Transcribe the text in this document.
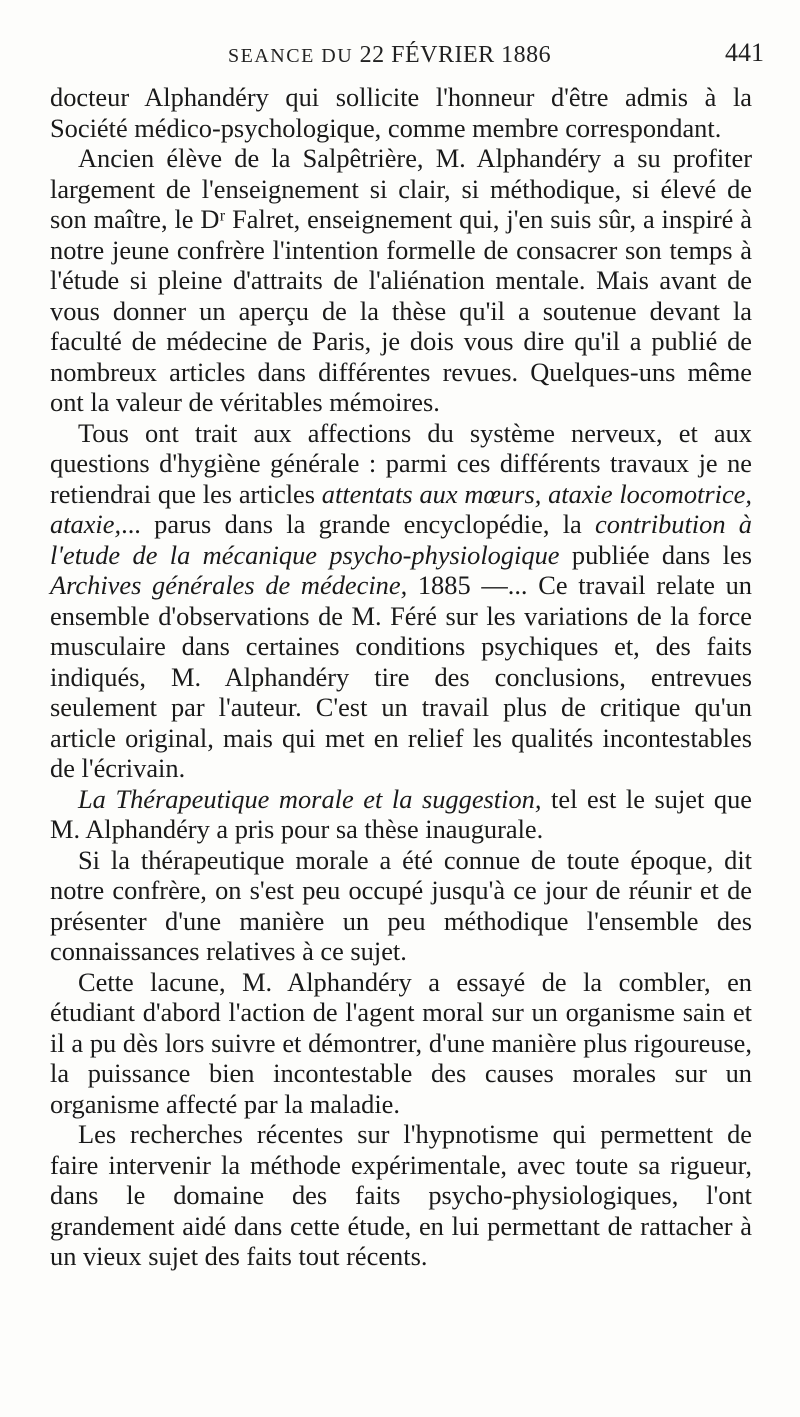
SEANCE DU 22 FÉVRIER 1886	441

docteur Alphandéry qui sollicite l'honneur d'être admis à la Société médico-psychologique, comme membre correspondant.

Ancien élève de la Salpêtrière, M. Alphandéry a su profiter largement de l'enseignement si clair, si méthodique, si élevé de son maître, le Dʳ Falret, enseignement qui, j'en suis sûr, a inspiré à notre jeune confrère l'intention formelle de consacrer son temps à l'étude si pleine d'attraits de l'aliénation mentale. Mais avant de vous donner un aperçu de la thèse qu'il a soutenue devant la faculté de médecine de Paris, je dois vous dire qu'il a publié de nombreux articles dans différentes revues. Quelques-uns même ont la valeur de véritables mémoires.

Tous ont trait aux affections du système nerveux, et aux questions d'hygiène générale : parmi ces différents travaux je ne retiendrai que les articles attentats aux mœurs, ataxie locomotrice, ataxie,... parus dans la grande encyclopédie, la contribution à l'etude de la mécanique psycho-physiologique publiée dans les Archives générales de médecine, 1885 —... Ce travail relate un ensemble d'observations de M. Féré sur les variations de la force musculaire dans certaines conditions psychiques et, des faits indiqués, M. Alphandéry tire des conclusions, entrevues seulement par l'auteur. C'est un travail plus de critique qu'un article original, mais qui met en relief les qualités incontestables de l'écrivain.

La Thérapeutique morale et la suggestion, tel est le sujet que M. Alphandéry a pris pour sa thèse inaugurale.

Si la thérapeutique morale a été connue de toute époque, dit notre confrère, on s'est peu occupé jusqu'à ce jour de réunir et de présenter d'une manière un peu méthodique l'ensemble des connaissances relatives à ce sujet.

Cette lacune, M. Alphandéry a essayé de la combler, en étudiant d'abord l'action de l'agent moral sur un organisme sain et il a pu dès lors suivre et démontrer, d'une manière plus rigoureuse, la puissance bien incontestable des causes morales sur un organisme affecté par la maladie.

Les recherches récentes sur l'hypnotisme qui permettent de faire intervenir la méthode expérimentale, avec toute sa rigueur, dans le domaine des faits psycho-physiologiques, l'ont grandement aidé dans cette étude, en lui permettant de rattacher à un vieux sujet des faits tout récents.
